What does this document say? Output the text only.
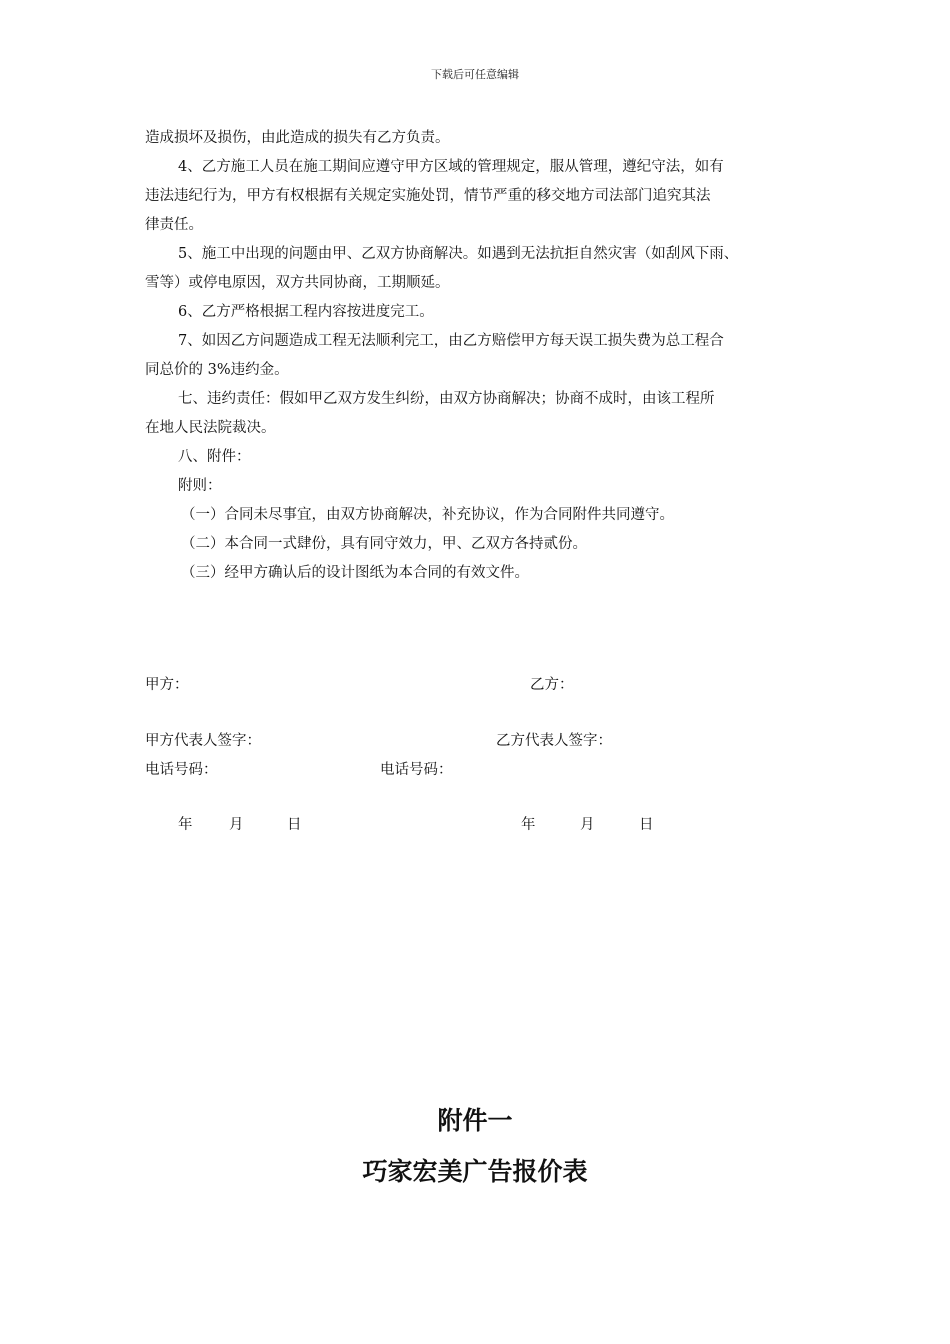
下载后可任意编辑
造成损坏及损伤，由此造成的损失有乙方负责。
4、乙方施工人员在施工期间应遵守甲方区域的管理规定，服从管理，遵纪守法，如有
违法违纪行为，甲方有权根据有关规定实施处罚，情节严重的移交地方司法部门追究其法
律责任。
5、施工中出现的问题由甲、乙双方协商解决。如遇到无法抗拒自然灾害（如刮风下雨、
雪等）或停电原因，双方共同协商，工期顺延。
6、乙方严格根据工程内容按进度完工。
7、如因乙方问题造成工程无法顺利完工，由乙方赔偿甲方每天误工损失费为总工程合
同总价的 3%违约金。
七、违约责任：假如甲乙双方发生纠纷，由双方协商解决；协商不成时，由该工程所
在地人民法院裁决。
八、附件：
附则：
（一）合同未尽事宜，由双方协商解决，补充协议，作为合同附件共同遵守。
（二）本合同一式肆份，具有同守效力，甲、乙双方各持贰份。
（三）经甲方确认后的设计图纸为本合同的有效文件。
甲方：	乙方：
甲方代表人签字：	乙方代表人签字：
电话号码：	电话号码：
年	月	日	年	月	日
附件一
巧家宏美广告报价表
